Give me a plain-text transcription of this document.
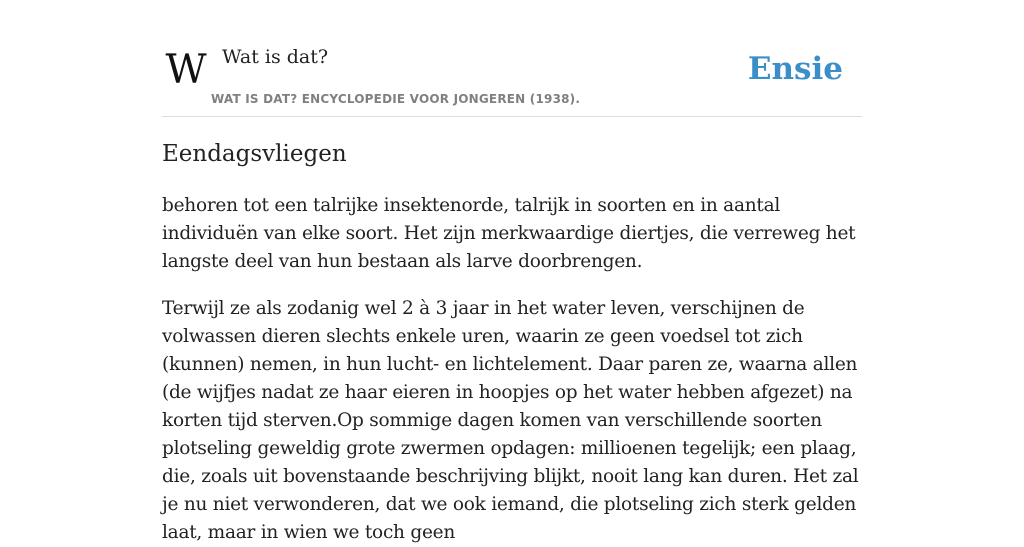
W Wat is dat?
WAT IS DAT? ENCYCLOPEDIE VOOR JONGEREN (1938).
Ensie
Eendagsvliegen

behoren tot een talrijke insektenorde, talrijk in soorten en in aantal individuën van elke soort. Het zijn merkwaardige diertjes, die verreweg het langste deel van hun bestaan als larve doorbrengen.

Terwijl ze als zodanig wel 2 à 3 jaar in het water leven, verschijnen de volwassen dieren slechts enkele uren, waarin ze geen voedsel tot zich (kunnen) nemen, in hun lucht- en lichtelement. Daar paren ze, waarna allen (de wijfjes nadat ze haar eieren in hoopjes op het water hebben afgezet) na korten tijd sterven.Op sommige dagen komen van verschillende soorten plotseling geweldig grote zwermen opdagen: millioenen tegelijk; een plaag, die, zoals uit bovenstaande beschrijving blijkt, nooit lang kan duren. Het zal je nu niet verwonderen, dat we ook iemand, die plotseling zich sterk gelden laat, maar in wien we toch geen
